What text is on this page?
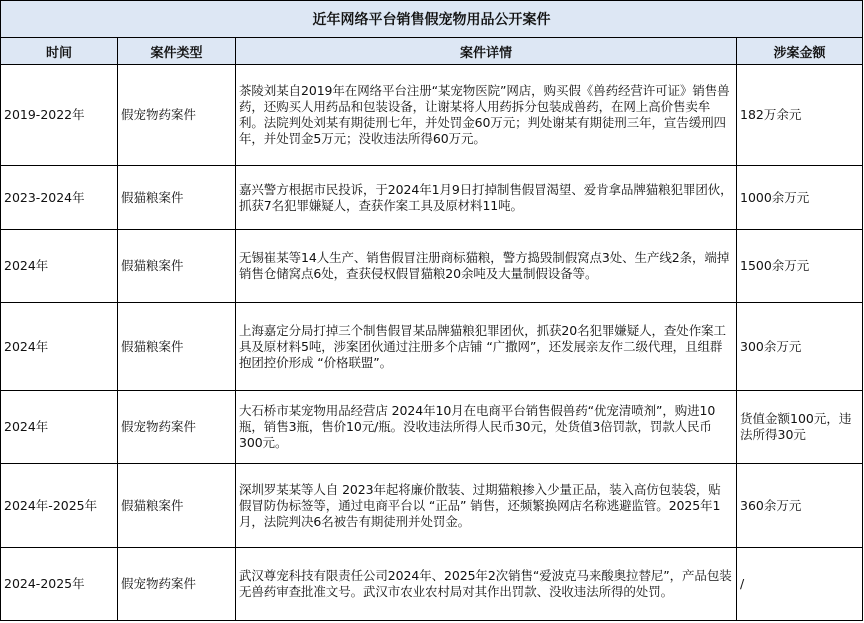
近年网络平台销售假宠物用品公开案件			
时间	案件类型	案件详情	涉案金额
2019-2022年	假宠物药案件	茶陵刘某自2019年在网络平台注册“某宠物医院”网店，购买假《兽药经营许可证》销售兽药，还购买人用药品和包装设备，让谢某将人用药拆分包装成兽药，在网上高价售卖牟利。法院判处刘某有期徒刑七年，并处罚金60万元；判处谢某有期徒刑三年，宣告缓刑四年，并处罚金5万元；没收违法所得60万元。	182万余元
2023-2024年	假猫粮案件	嘉兴警方根据市民投诉，于2024年1月9日打掉制售假冒渴望、爱肯拿品牌猫粮犯罪团伙，抓获7名犯罪嫌疑人，查获作案工具及原材料11吨。	1000余万元
2024年	假猫粮案件	无锡崔某等14人生产、销售假冒注册商标猫粮，警方捣毁制假窝点3处、生产线2条，端掉销售仓储窝点6处，查获侵权假冒猫粮20余吨及大量制假设备等。	1500余万元
2024年	假猫粮案件	上海嘉定分局打掉三个制售假冒某品牌猫粮犯罪团伙，抓获20名犯罪嫌疑人，查处作案工具及原材料5吨，涉案团伙通过注册多个店铺 “广撒网”，还发展亲友作二级代理，且组群抱团控价形成 “价格联盟”。	300余万元
2024年	假宠物药案件	大石桥市某宠物用品经营店 2024年10月在电商平台销售假兽药“优宠清喷剂”，购进10瓶，销售3瓶，售价10元/瓶。没收违法所得人民币30元，处货值3倍罚款，罚款人民币300元。	货值金额100元，违法所得30元
2024年-2025年	假猫粮案件	深圳罗某某等人自 2023年起将廉价散装、过期猫粮掺入少量正品，装入高仿包装袋，贴假冒防伪标签等，通过电商平台以 “正品” 销售，还频繁换网店名称逃避监管。2025年1月，法院判决6名被告有期徒刑并处罚金。	360余万元
2024-2025年	假宠物药案件	武汉尊宠科技有限责任公司2024年、2025年2次销售“爱波克马来酸奥拉替尼”，产品包装无兽药审查批准文号。武汉市农业农村局对其作出罚款、没收违法所得的处罚。	/
